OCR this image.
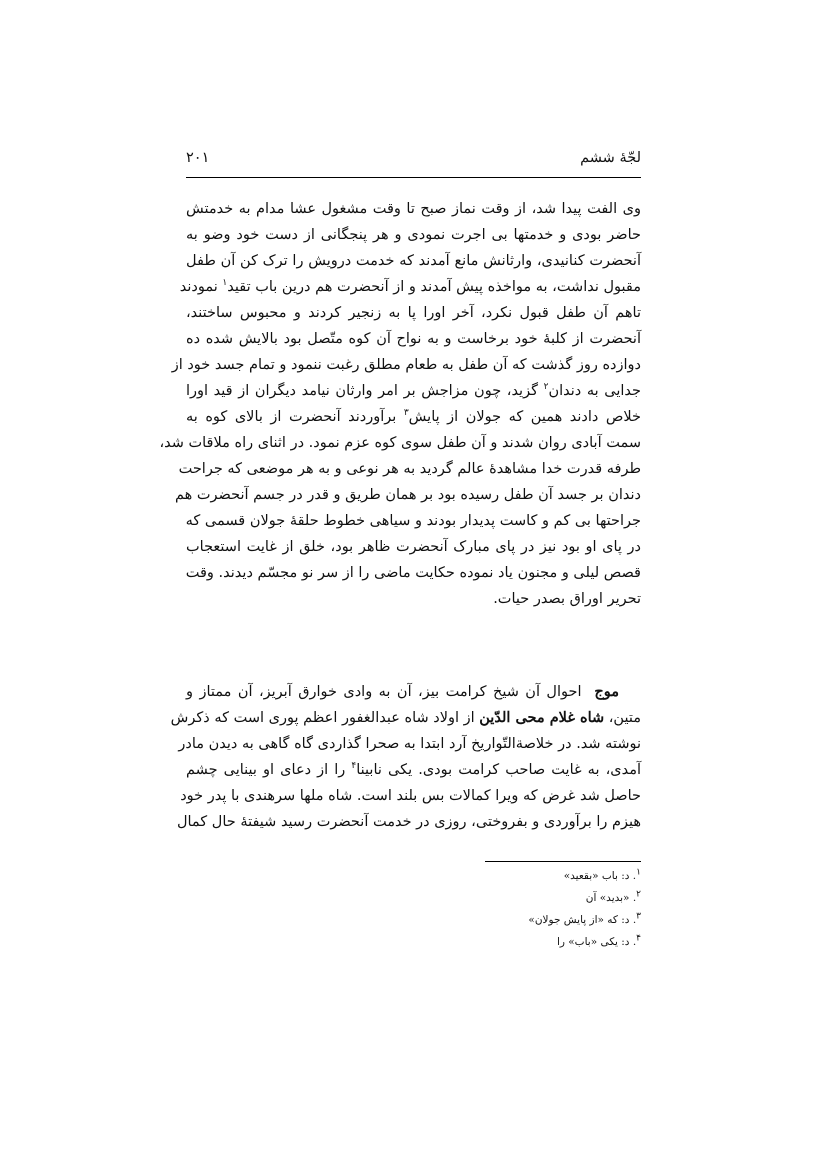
لجّهٔ ششم
۲۰۱
وی الفت پیدا شد، از وقت نماز صبح تا وقت مشغول عشا مدام به خدمتش
حاضر بودی و خدمتها بی اجرت نمودی و هر پنجگانی از دست خود وضو به
آنحضرت کنانیدی، وارثانش مانع آمدند که خدمت درویش را ترک کن آن طفل
مقبول نداشت، به مواخذه پیش آمدند و از آنحضرت هم درین باب تقید$^۱$ نمودند
تاهم آن طفل قبول نکرد، آخر اورا پا به زنجیر کردند و محبوس ساختند،
آنحضرت از کلبهٔ خود برخاست و به نواح آن کوه متّصل بود بالایش شده ده
دوازده روز گذشت که آن طفل به طعام مطلق رغبت ننمود و تمام جسد خود از
جدایی به دندان$^۲$ گزید، چون مزاجش بر امر وارثان نیامد دیگران از قید اورا
خلاص دادند همین که جولان از پایش$^۳$ برآوردند آنحضرت از بالای کوه به
سمت آبادی روان شدند و آن طفل سوی کوه عزم نمود. در اثنای راه ملاقات شد،
طرفه قدرت خدا مشاهدهٔ عالم گردید به هر نوعی و به هر موضعی که جراحت
دندان بر جسد آن طفل رسیده بود بر همان طریق و قدر در جسم آنحضرت هم
جراحتها بی کم و کاست پدیدار بودند و سیاهی خطوط حلقهٔ جولان قسمی که
در پای او بود نیز در پای مبارک آنحضرت ظاهر بود، خلق از غایت استعجاب
قصص لیلی و مجنون یاد نموده حکایت ماضی را از سر نو مجسّم دیدند. وقت
تحریر اوراق بصدر حیات.
موج  احوال آن شیخ کرامت بیز، آن به وادی خوارق آبریز، آن ممتاز و
متین، شاه غلام محی الدّین از اولاد شاه عبدالغفور اعظم پوری است که ذکرش
نوشته شد. در خلاصةالتّواریخ آرد ابتدا به صحرا گذاردی گاه گاهی به دیدن مادر
آمدی، به غایت صاحب کرامت بودی. یکی نابینا$^۴$ را از دعای او بینایی چشم
حاصل شد غرض که ویرا کمالات بس بلند است. شاه ملها سرهندی با پدر خود
هیزم را برآوردی و بفروختی، روزی در خدمت آنحضرت رسید شیفتهٔ حال کمال
$^۱$. د: باب «بقعید»
$^۲$. «بدید» آن
$^۳$. د: که «از پایش جولان»
$^۴$. د: یکی «باب» را
